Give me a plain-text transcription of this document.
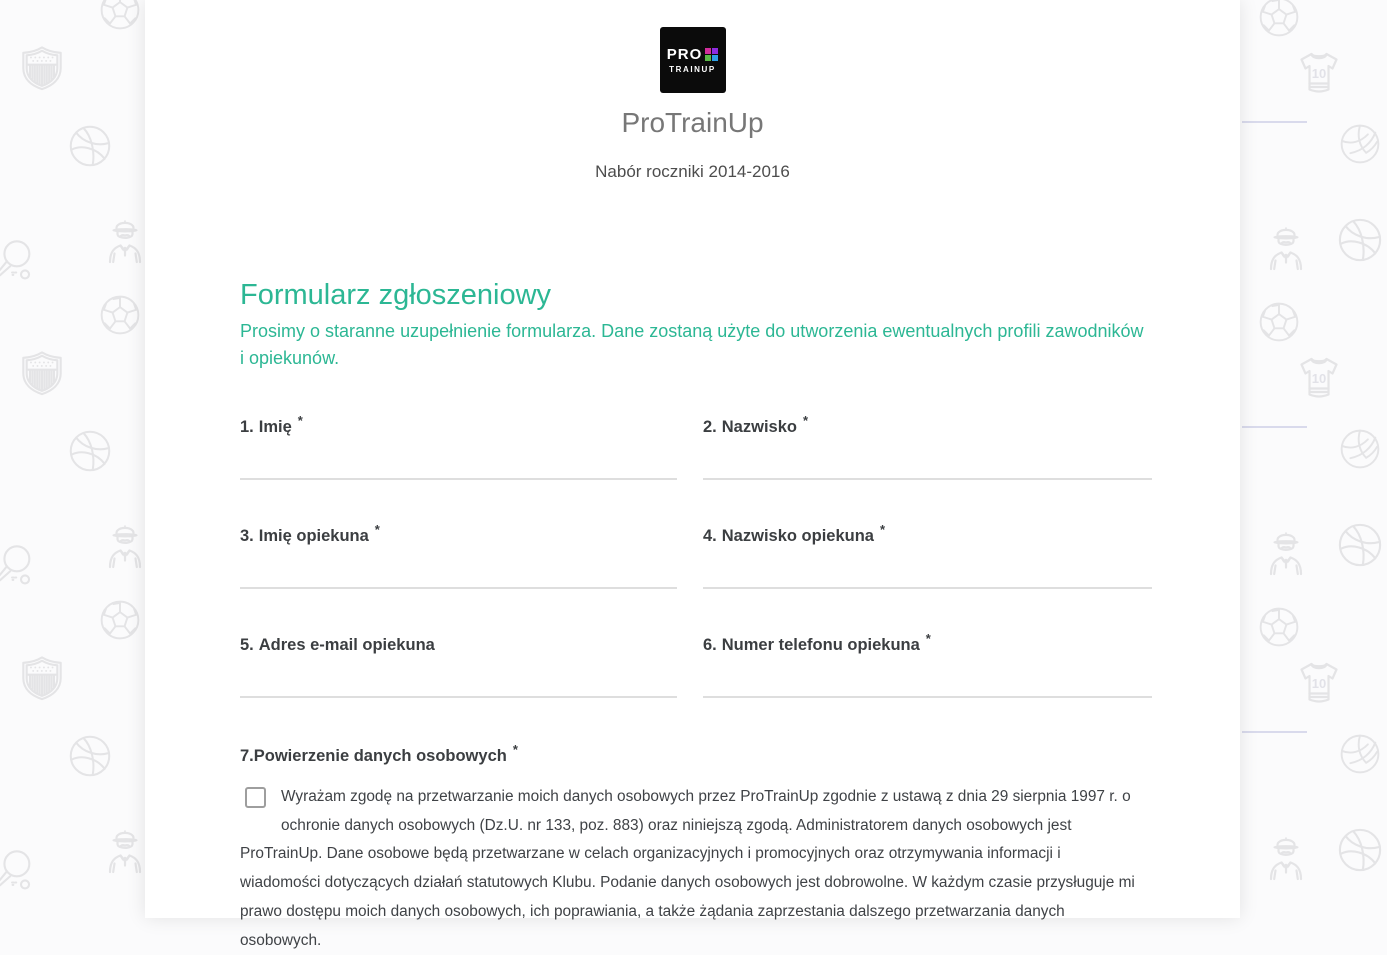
PRO
TRAINUP
ProTrainUp
Nabór roczniki 2014-2016
Formularz zgłoszeniowy
Prosimy o staranne uzupełnienie formularza. Dane zostaną użyte do utworzenia ewentualnych profili zawodników i opiekunów.
1. Imię *	2. Nazwisko *
3. Imię opiekuna *	4. Nazwisko opiekuna *
5. Adres e-mail opiekuna	6. Numer telefonu opiekuna *
7.Powierzenie danych osobowych *
Wyrażam zgodę na przetwarzanie moich danych osobowych przez ProTrainUp zgodnie z ustawą z dnia 29 sierpnia 1997 r. o ochronie danych osobowych (Dz.U. nr 133, poz. 883) oraz niniejszą zgodą. Administratorem danych osobowych jest ProTrainUp. Dane osobowe będą przetwarzane w celach organizacyjnych i promocyjnych oraz otrzymywania informacji i wiadomości dotyczących działań statutowych Klubu. Podanie danych osobowych jest dobrowolne. W każdym czasie przysługuje mi prawo dostępu moich danych osobowych, ich poprawiania, a także żądania zaprzestania dalszego przetwarzania danych osobowych.
